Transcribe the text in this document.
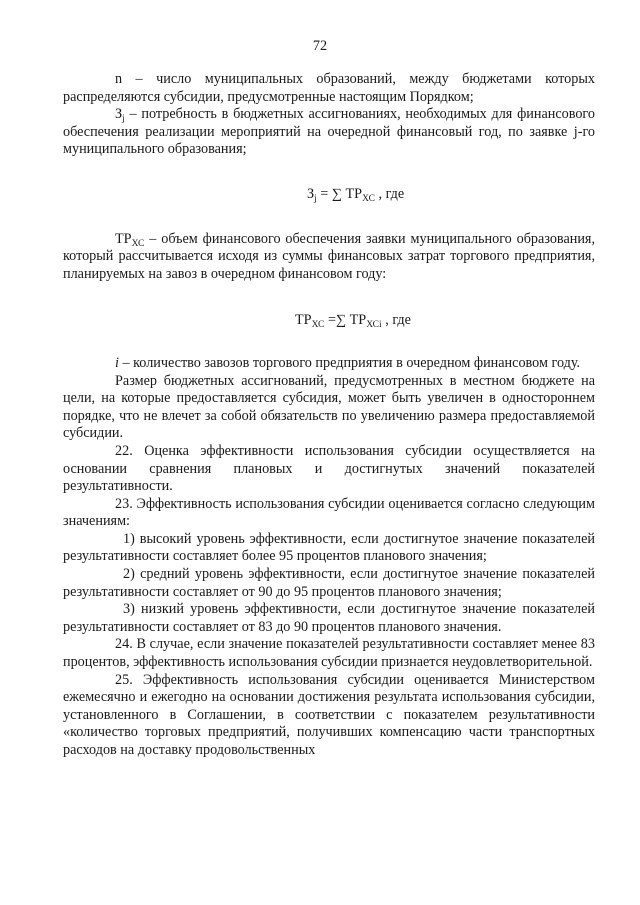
72

n – число муниципальных образований, между бюджетами которых распределяются субсидии, предусмотренные настоящим Порядком;

$З_j$ – потребность в бюджетных ассигнованиях, необходимых для финансового обеспечения реализации мероприятий на очередной финансовый год, по заявке j-го муниципального образования;

$З_j$ = ∑ $ТР_{ХС}$ , где

$ТР_{ХС}$ – объем финансового обеспечения заявки муниципального образования, который рассчитывается исходя из суммы финансовых затрат торгового предприятия, планируемых на завоз в очередном финансовом году:

$ТР_{ХС}$ =∑ $ТР_{ХСi}$ , где

i – количество завозов торгового предприятия в очередном финансовом году.

Размер бюджетных ассигнований, предусмотренных в местном бюджете на цели, на которые предоставляется субсидия, может быть увеличен в одностороннем порядке, что не влечет за собой обязательств по увеличению размера предоставляемой субсидии.

22. Оценка эффективности использования субсидии осуществляется на основании сравнения плановых и достигнутых значений показателей результативности.

23. Эффективность использования субсидии оценивается согласно следующим значениям:

1) высокий уровень эффективности, если достигнутое значение показателей результативности составляет более 95 процентов планового значения;

2) средний уровень эффективности, если достигнутое значение показателей результативности составляет от 90 до 95 процентов планового значения;

3) низкий уровень эффективности, если достигнутое значение показателей результативности составляет от 83 до 90 процентов планового значения.

24. В случае, если значение показателей результативности составляет менее 83 процентов, эффективность использования субсидии признается неудовлетворительной.

25. Эффективность использования субсидии оценивается Министерством ежемесячно и ежегодно на основании достижения результата использования субсидии, установленного в Соглашении, в соответствии с показателем результативности «количество торговых предприятий, получивших компенсацию части транспортных расходов на доставку продовольственных
